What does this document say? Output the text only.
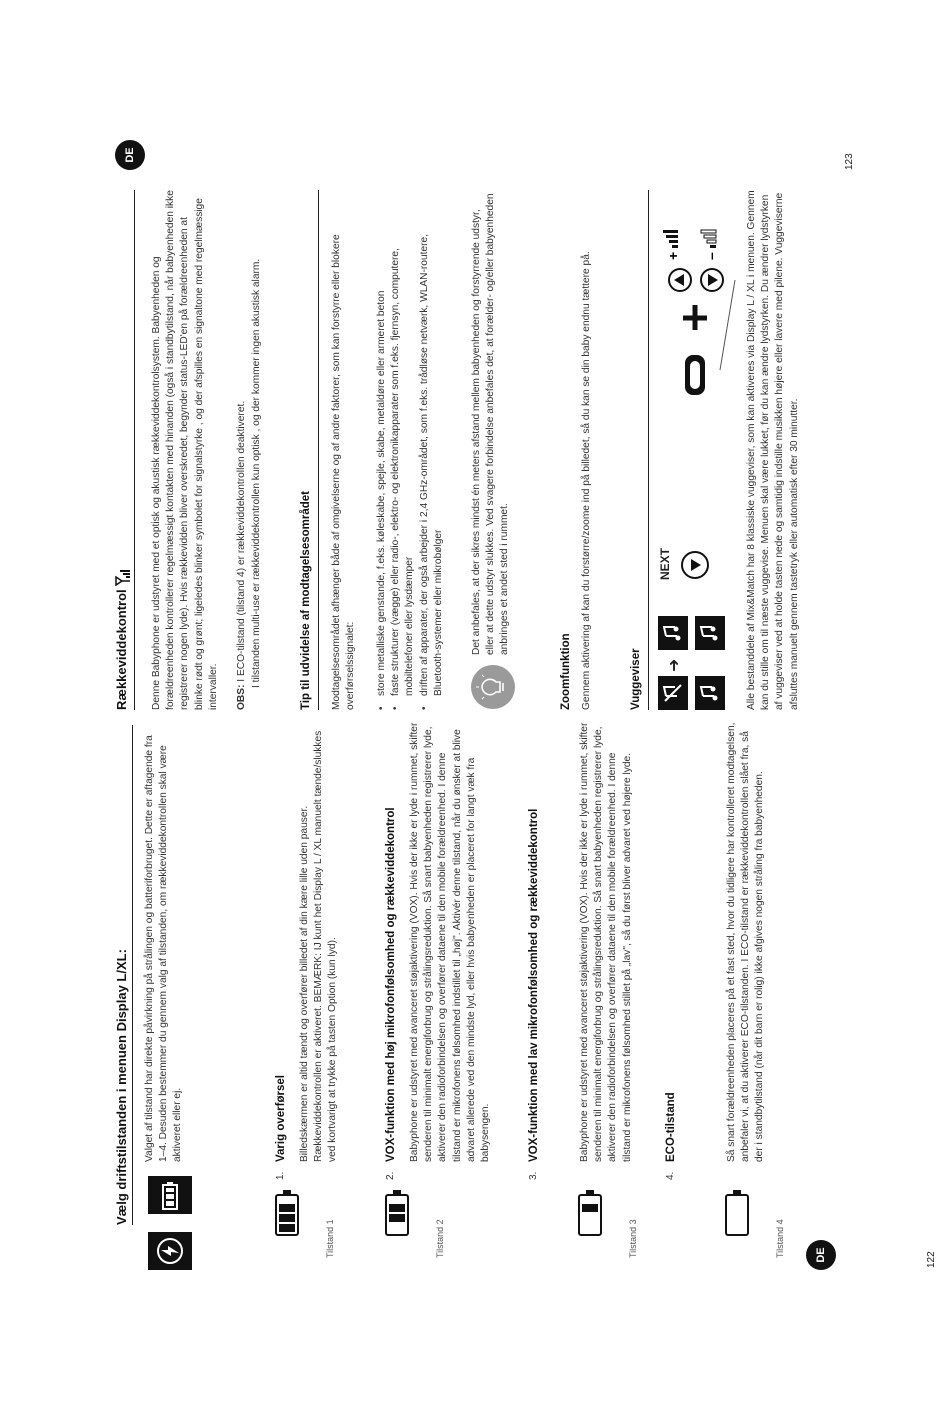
DE	122
Vælg driftstilstanden i menuen Display L/XL: Valget af tilstand har direkte påvirkning på strålingen og batteriforbruget. Dette er aftagende fra 1–4. Desuden bestemmer du gennem valg af tilstanden, om rækkeviddekontrollen skal være aktiveret eller ej.

Tilstand 1
1.
Varig overførsel Billedskærmen er altid tændt og overfører billedet af din kære lille uden pauser. Rækkeviddekontrollen er aktiveret. BEMÆRK: IJ kunt het Display L / XL manuelt tænde/slukkes ved kortvarigt at trykke på tasten Option (kun lyd).

Tilstand 2
2.
VOX-funktion med høj mikrofonfølsomhed og rækkeviddekontrol Babyphone er udstyret med avanceret støjaktivering (VOX). Hvis der ikke er lyde i rummet, skifter senderen til minimalt energiforbrug og strålingsreduktion. Så snart babyenheden registrerer lyde, aktiverer den radioforbindelsen og overfører dataene til den mobile forældreenhed. I denne tilstand er mikrofonens følsomhed indstillet til „høj". Aktivér denne tilstand, når du ønsker at blive advaret allerede ved den mindste lyd, eller hvis babyenheden er placeret for langt væk fra babysengen.

3.
VOX-funktion med lav mikrofonfølsomhed og rækkeviddekontrol
Tilstand 3

Babyphone er udstyret med avanceret støjaktivering (VOX). Hvis der ikke er lyde i rummet, skifter senderen til minimalt energiforbrug og strålingsreduktion. Så snart babyenheden registrerer lyde, aktiverer den radioforbindelsen og overfører dataene til den mobile forældreenhed. I denne tilstand er mikrofonens følsomhed stillet på „lav", så du først bliver advaret ved højere lyde.

4.
ECO-tilstand
Tilstand 4

Så snart forældreenheden placeres på et fast sted, hvor du tidligere har kontrolleret modtagelsen, anbefaler vi, at du aktiverer ECO-tilstanden. I ECO-tilstand er rækkeviddekontrollen slået fra, så der i standbytilstand (når dit barn er rolig) ikke afgives nogen stråling fra babyenheden.

DE	123
Rækkeviddekontrol Denne Babyphone er udstyret med et optisk og akustisk rækkeviddekontrolsystem. Babyenheden og forældreenheden kontrollerer regelmæssigt kontakten med hinanden (også i standbytilstand, når babyenheden ikke registrerer nogen lyde). Hvis rækkevidden bliver overskredet, begynder status-LED'en på forældreenheden at blinke rødt og grønt; ligeledes blinker symbolet for signalstyrke , og der afspilles en signaltone med regelmæssige intervaller. OBS: I ECO-tilstand (tilstand 4) er rækkeviddekontrollen deaktiveret. I tilstanden multi-use er rækkeviddekontrollen kun optisk , og der kommer ingen akustisk alarm.	Tip til udvidelse af modtagelsesområdet Modtagelsesområdet afhænger både af omgivelserne og af andre faktorer, som kan forstyrre eller blokere overførselssignalet: • store metalliske genstande, f.eks. køleskabe, spejle, skabe, metaldøre eller armeret beton • faste strukturer (vægge) eller radio-, elektro- og elektronikapparater som f.eks. fjernsyn, computere, mobiltelefoner eller lysdæmper • driften af apparater, der også arbejder i 2,4 GHz-området, som f.eks. trådløse netværk, WLAN-routere, Bluetooth-systemer eller mikrobølger	Det anbefales, at der sikres mindst én meters afstand mellem babyenheden og forstyrrende udstyr, eller at dette udstyr slukkes. Ved svagere forbindelse anbefales det, at forælder- og/eller babyenheden anbringes et andet sted i rummet.

Zoomfunktion Gennem aktivering af kan du forstørre/zoome ind på billedet, så du kan se din baby endnu tættere på.	Vuggeviser ➜
NEXT
+ –	Alle bestanddele af Mix&Match har 8 klassiske vuggeviser, som kan aktiveres via Display L / XL i menuen. Gennem kan du stille om til næste vuggevise. Menuen skal være lukket, før du kan ændre lydstyrken. Du ændrer lydstyrken af vuggeviser ved at holde tasten nede og samtidig indstille musikken højere eller lavere med pilene. Vuggeviserne afsluttes manuelt gennem tastetryk eller automatisk efter 30 minutter.
